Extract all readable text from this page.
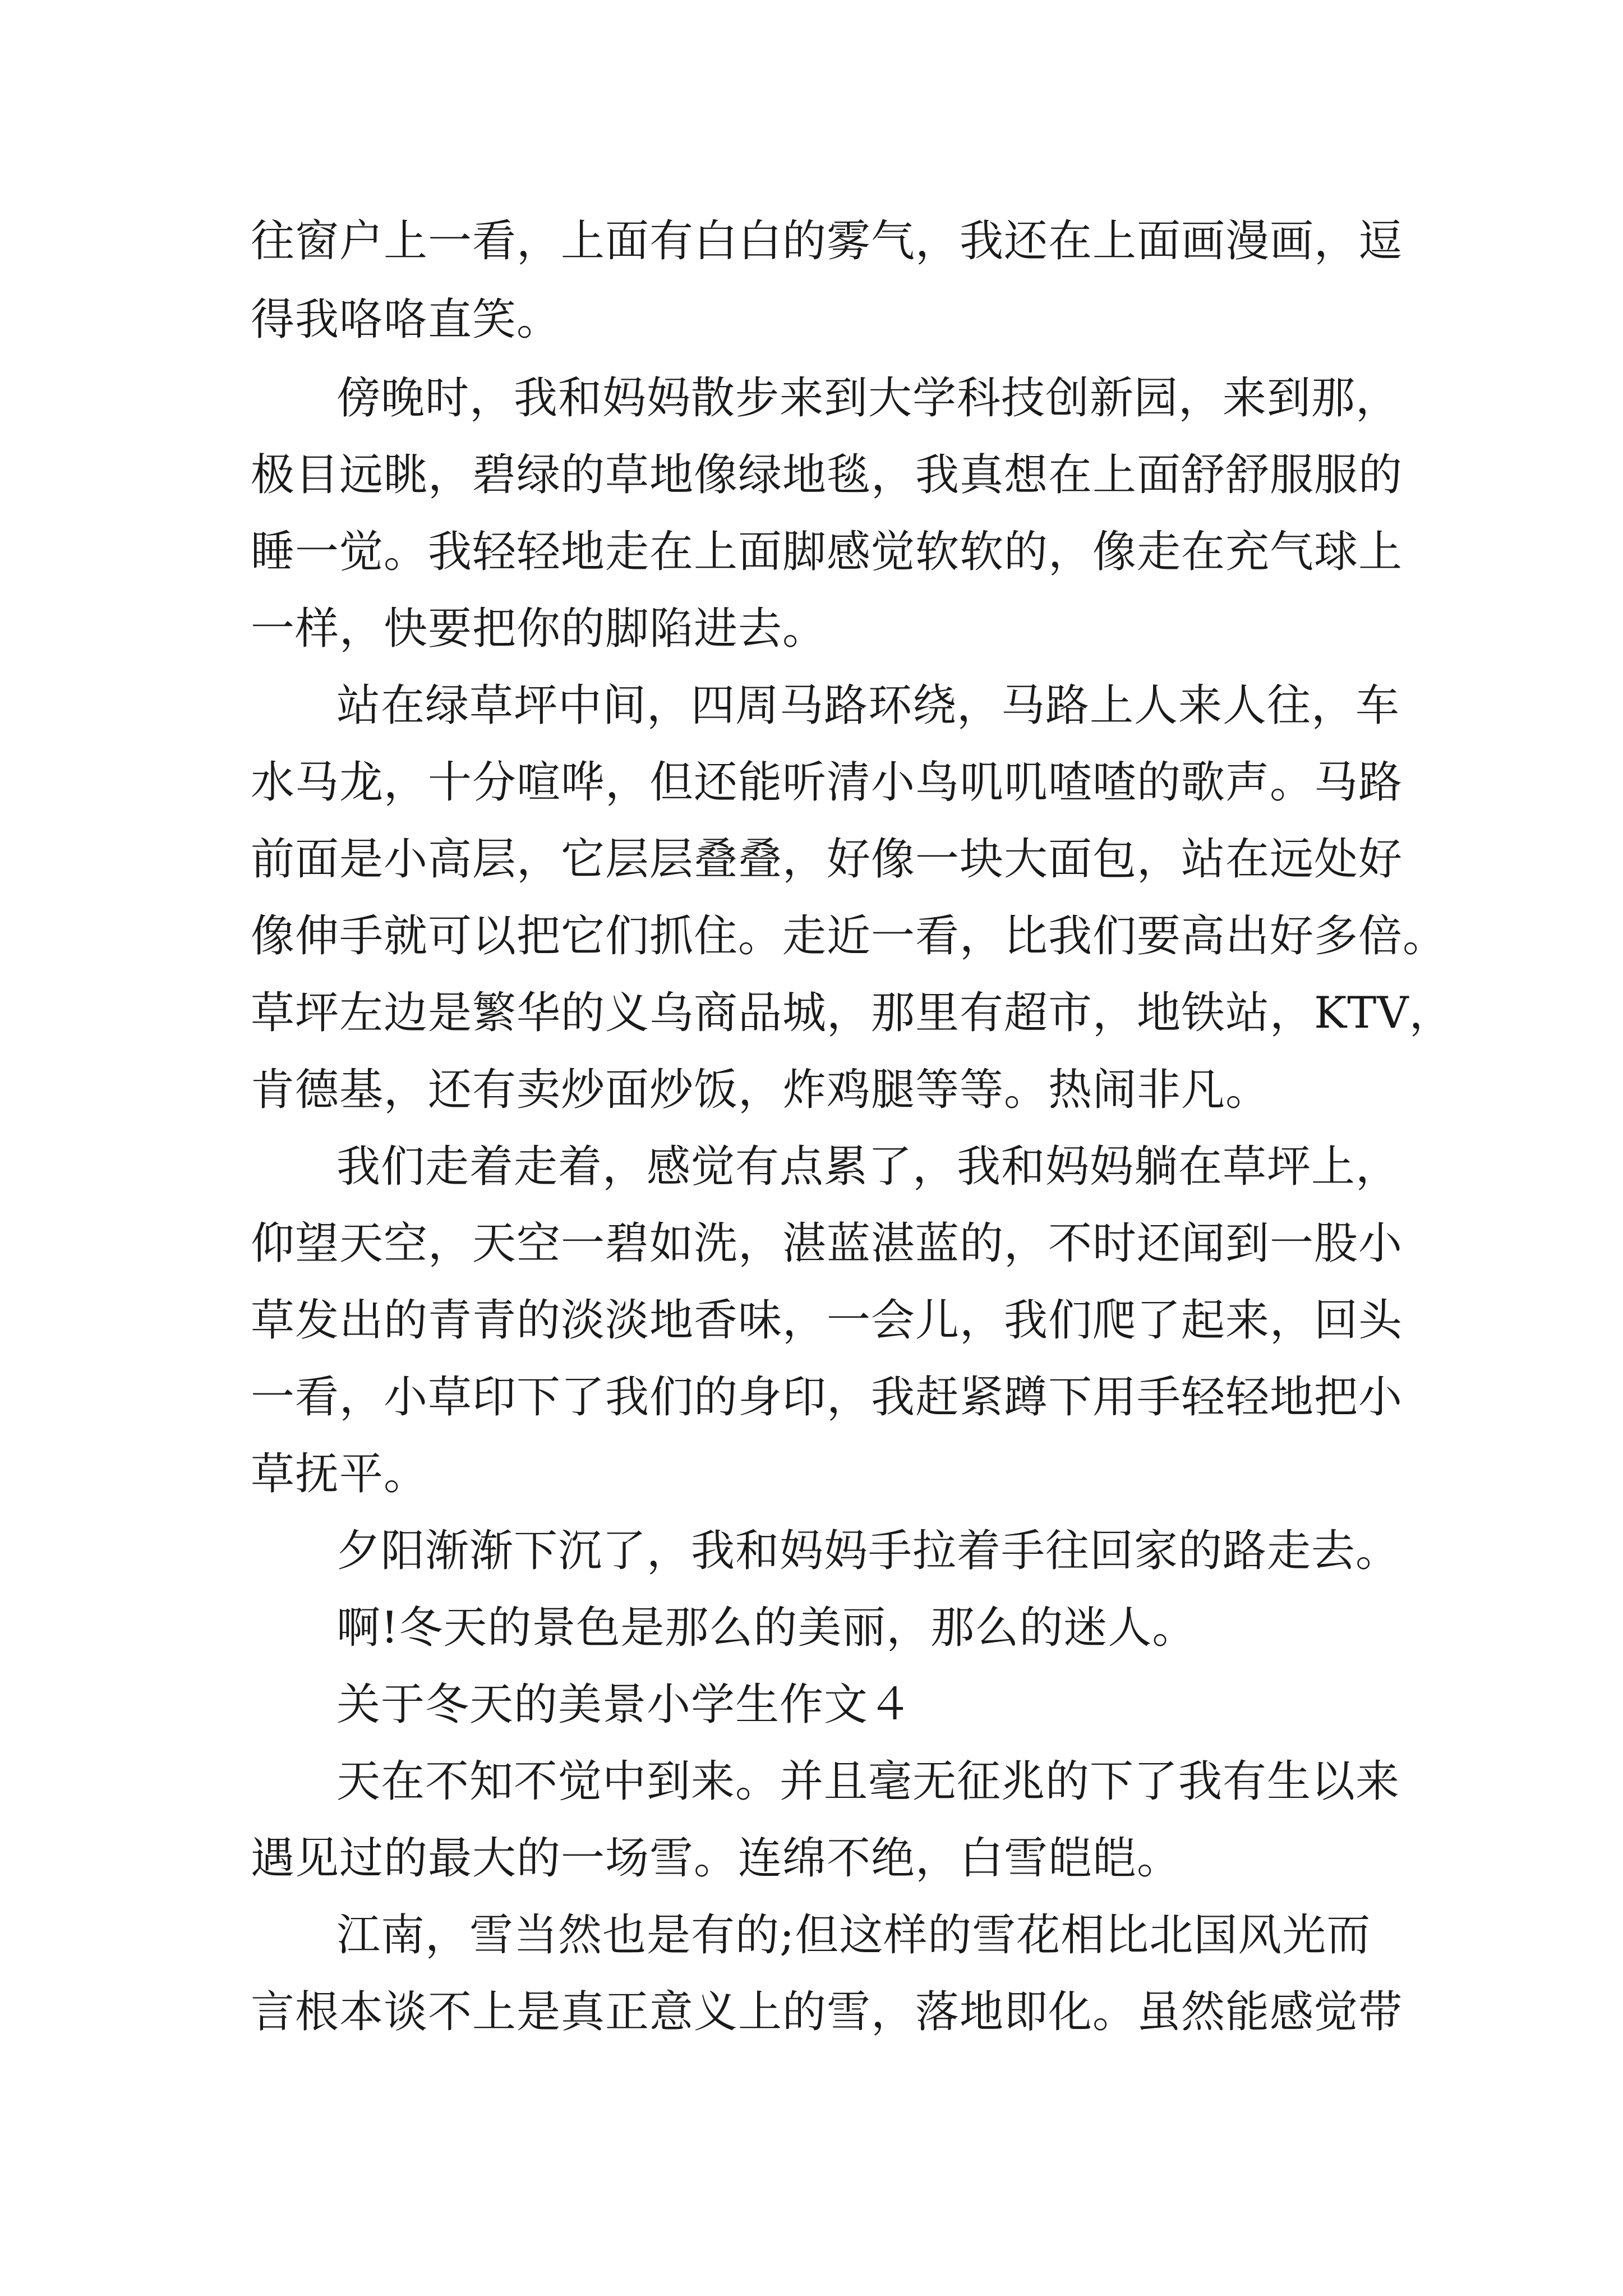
往窗户上一看，上面有白白的雾气，我还在上面画漫画，逗
得我咯咯直笑。
傍晚时，我和妈妈散步来到大学科技创新园，来到那，
极目远眺，碧绿的草地像绿地毯，我真想在上面舒舒服服的
睡一觉。我轻轻地走在上面脚感觉软软的，像走在充气球上
一样，快要把你的脚陷进去。
站在绿草坪中间，四周马路环绕，马路上人来人往，车
水马龙，十分喧哗，但还能听清小鸟叽叽喳喳的歌声。马路
前面是小高层，它层层叠叠，好像一块大面包，站在远处好
像伸手就可以把它们抓住。走近一看，比我们要高出好多倍。
草坪左边是繁华的义乌商品城，那里有超市，地铁站，KTV，
肯德基，还有卖炒面炒饭，炸鸡腿等等。热闹非凡。
我们走着走着，感觉有点累了，我和妈妈躺在草坪上，
仰望天空，天空一碧如洗，湛蓝湛蓝的，不时还闻到一股小
草发出的青青的淡淡地香味，一会儿，我们爬了起来，回头
一看，小草印下了我们的身印，我赶紧蹲下用手轻轻地把小
草抚平。
夕阳渐渐下沉了，我和妈妈手拉着手往回家的路走去。
啊!冬天的景色是那么的美丽，那么的迷人。
关于冬天的美景小学生作文４
天在不知不觉中到来。并且毫无征兆的下了我有生以来
遇见过的最大的一场雪。连绵不绝，白雪皑皑。
江南，雪当然也是有的;但这样的雪花相比北国风光而
言根本谈不上是真正意义上的雪，落地即化。虽然能感觉带
